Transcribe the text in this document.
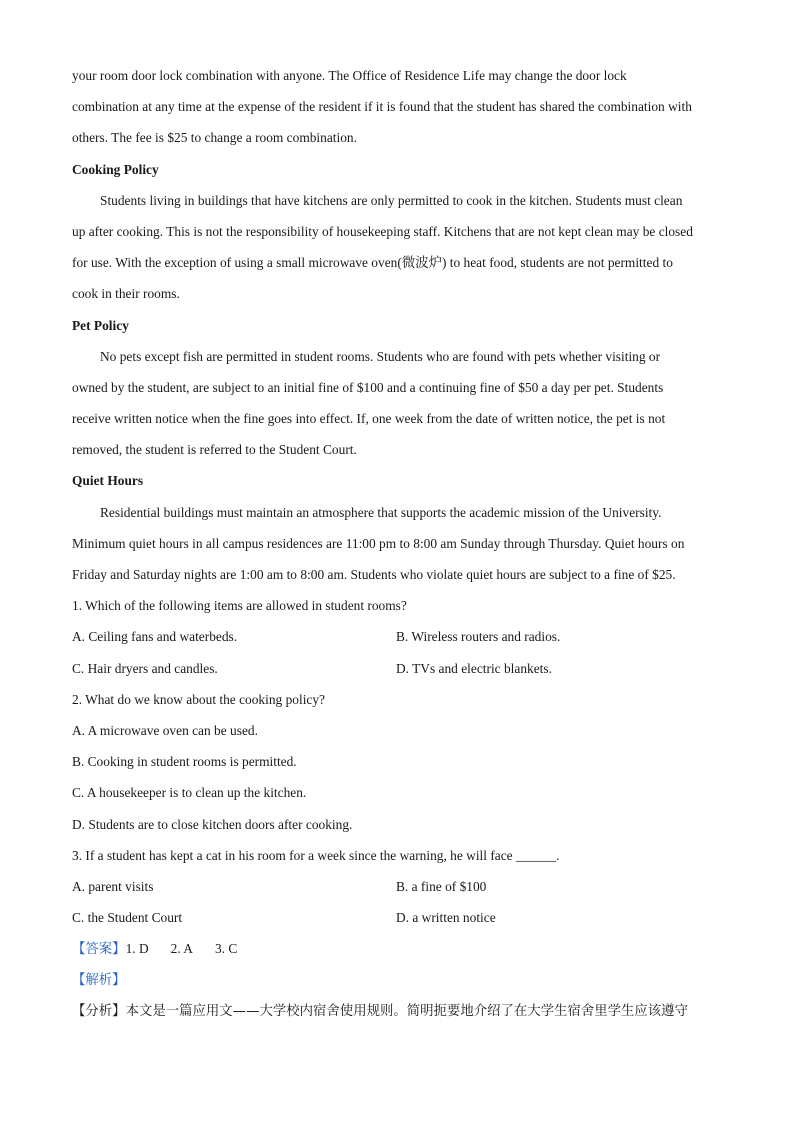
your room door lock combination with anyone. The Office of Residence Life may change the door lock
combination at any time at the expense of the resident if it is found that the student has shared the combination with
others. The fee is $25 to change a room combination.
Cooking Policy
Students living in buildings that have kitchens are only permitted to cook in the kitchen. Students must clean
up after cooking. This is not the responsibility of housekeeping staff. Kitchens that are not kept clean may be closed
for use. With the exception of using a small microwave oven(微波炉) to heat food, students are not permitted to
cook in their rooms.
Pet Policy
No pets except fish are permitted in student rooms. Students who are found with pets whether visiting or
owned by the student, are subject to an initial fine of $100 and a continuing fine of $50 a day per pet. Students
receive written notice when the fine goes into effect. If, one week from the date of written notice, the pet is not
removed, the student is referred to the Student Court.
Quiet Hours
Residential buildings must maintain an atmosphere that supports the academic mission of the University.
Minimum quiet hours in all campus residences are 11:00 pm to 8:00 am Sunday through Thursday. Quiet hours on
Friday and Saturday nights are 1:00 am to 8:00 am. Students who violate quiet hours are subject to a fine of $25.
1. Which of the following items are allowed in student rooms?
A. Ceiling fans and waterbeds.	B. Wireless routers and radios.
C. Hair dryers and candles.	D. TVs and electric blankets.
2. What do we know about the cooking policy?
A. A microwave oven can be used.
B. Cooking in student rooms is permitted.
C. A housekeeper is to clean up the kitchen.
D. Students are to close kitchen doors after cooking.
3. If a student has kept a cat in his room for a week since the warning, he will face ______.
A. parent visits	B. a fine of $100
C. the Student Court	D. a written notice
【答案】1. D 2. A 3. C
【解析】
【分析】本文是一篇应用文——大学校内宿舍使用规则。简明扼要地介绍了在大学生宿舍里学生应该遵守
